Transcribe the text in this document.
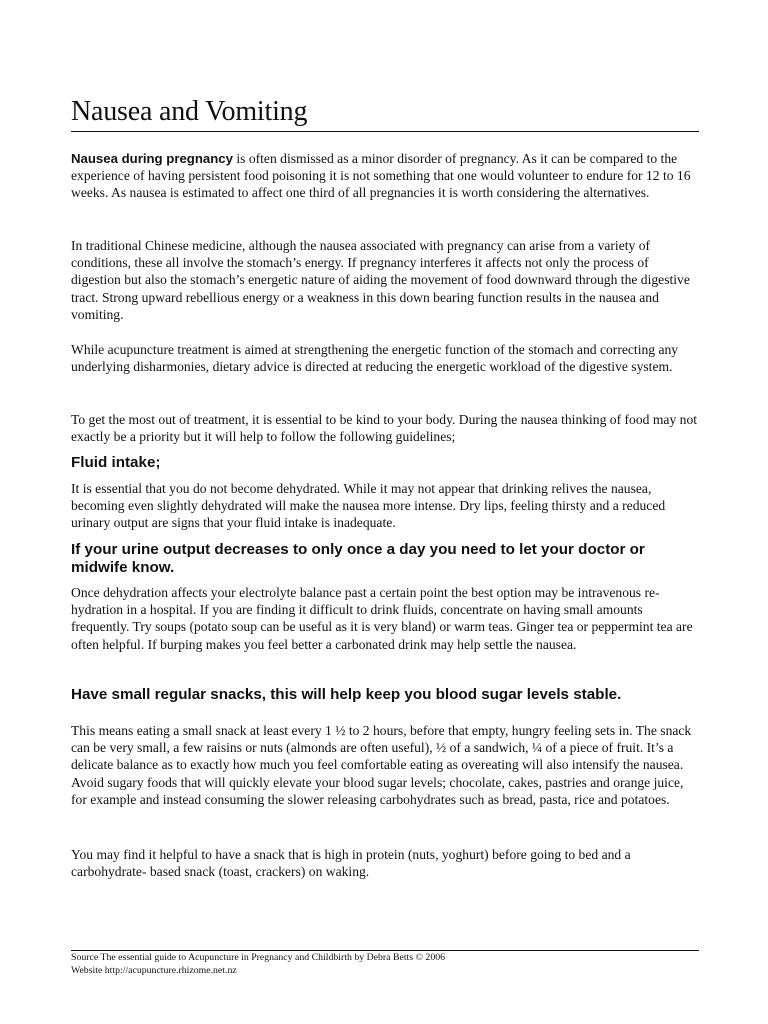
Nausea and Vomiting

Nausea during pregnancy is often dismissed as a minor disorder of pregnancy. As it can be compared to the experience of having persistent food poisoning it is not something that one would volunteer to endure for 12 to 16 weeks. As nausea is estimated to affect one third of all pregnancies it is worth considering the alternatives.

In traditional Chinese medicine, although the nausea associated with pregnancy can arise from a variety of conditions, these all involve the stomach’s energy. If pregnancy interferes it affects not only the process of digestion but also the stomach’s energetic nature of aiding the movement of food downward through the digestive tract. Strong upward rebellious energy or a weakness in this down bearing function results in the nausea and vomiting.

While acupuncture treatment is aimed at strengthening the energetic function of the stomach and correcting any underlying disharmonies, dietary advice is directed at reducing the energetic workload of the digestive system.

To get the most out of treatment, it is essential to be kind to your body. During the nausea thinking of food may not exactly be a priority but it will help to follow the following guidelines;

Fluid intake;

It is essential that you do not become dehydrated. While it may not appear that drinking relives the nausea, becoming even slightly dehydrated will make the nausea more intense. Dry lips, feeling thirsty and a reduced urinary output are signs that your fluid intake is inadequate.

If your urine output decreases to only once a day you need to let your doctor or midwife know.

Once dehydration affects your electrolyte balance past a certain point the best option may be intravenous re-hydration in a hospital. If you are finding it difficult to drink fluids, concentrate on having small amounts frequently. Try soups (potato soup can be useful as it is very bland) or warm teas. Ginger tea or peppermint tea are often helpful. If burping makes you feel better a carbonated drink may help settle the nausea.

Have small regular snacks, this will help keep you blood sugar levels stable.

This means eating a small snack at least every 1 ½ to 2 hours, before that empty, hungry feeling sets in. The snack can be very small, a few raisins or nuts (almonds are often useful), ½ of a sandwich, ¼ of a piece of fruit. It’s a delicate balance as to exactly how much you feel comfortable eating as overeating will also intensify the nausea. Avoid sugary foods that will quickly elevate your blood sugar levels; chocolate, cakes, pastries and orange juice, for example and instead consuming the slower releasing carbohydrates such as bread, pasta, rice and potatoes.

You may find it helpful to have a snack that is high in protein (nuts, yoghurt) before going to bed and a carbohydrate- based snack (toast, crackers) on waking.

Source The essential guide to Acupuncture in Pregnancy and Childbirth by Debra Betts © 2006

Website http://acupuncture.rhizome.net.nz
